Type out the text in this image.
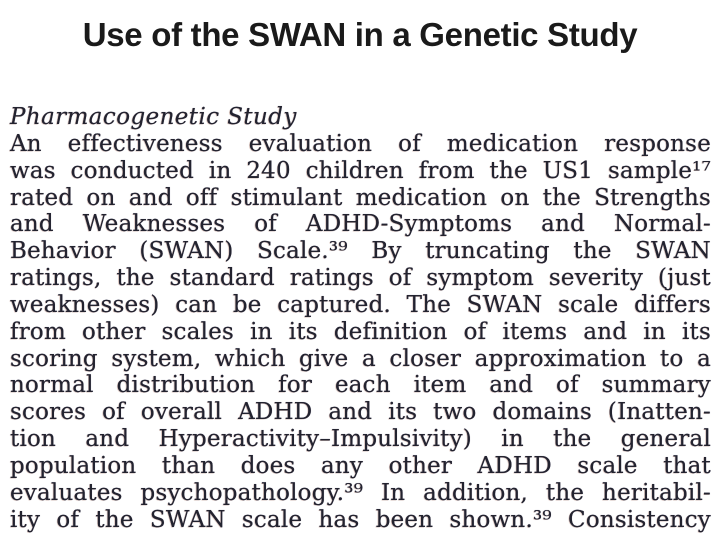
Use of the SWAN in a Genetic Study
Pharmacogenetic Study
An effectiveness evaluation of medication response
was conducted in 240 children from the US1 sample¹⁷
rated on and off stimulant medication on the Strengths
and Weaknesses of ADHD-Symptoms and Normal-
Behavior (SWAN) Scale.³⁹ By truncating the SWAN
ratings, the standard ratings of symptom severity (just
weaknesses) can be captured. The SWAN scale differs
from other scales in its definition of items and in its
scoring system, which give a closer approximation to a
normal distribution for each item and of summary
scores of overall ADHD and its two domains (Inatten-
tion and Hyperactivity–Impulsivity) in the general
population than does any other ADHD scale that
evaluates psychopathology.³⁹ In addition, the heritabil-
ity of the SWAN scale has been shown.³⁹ Consistency
